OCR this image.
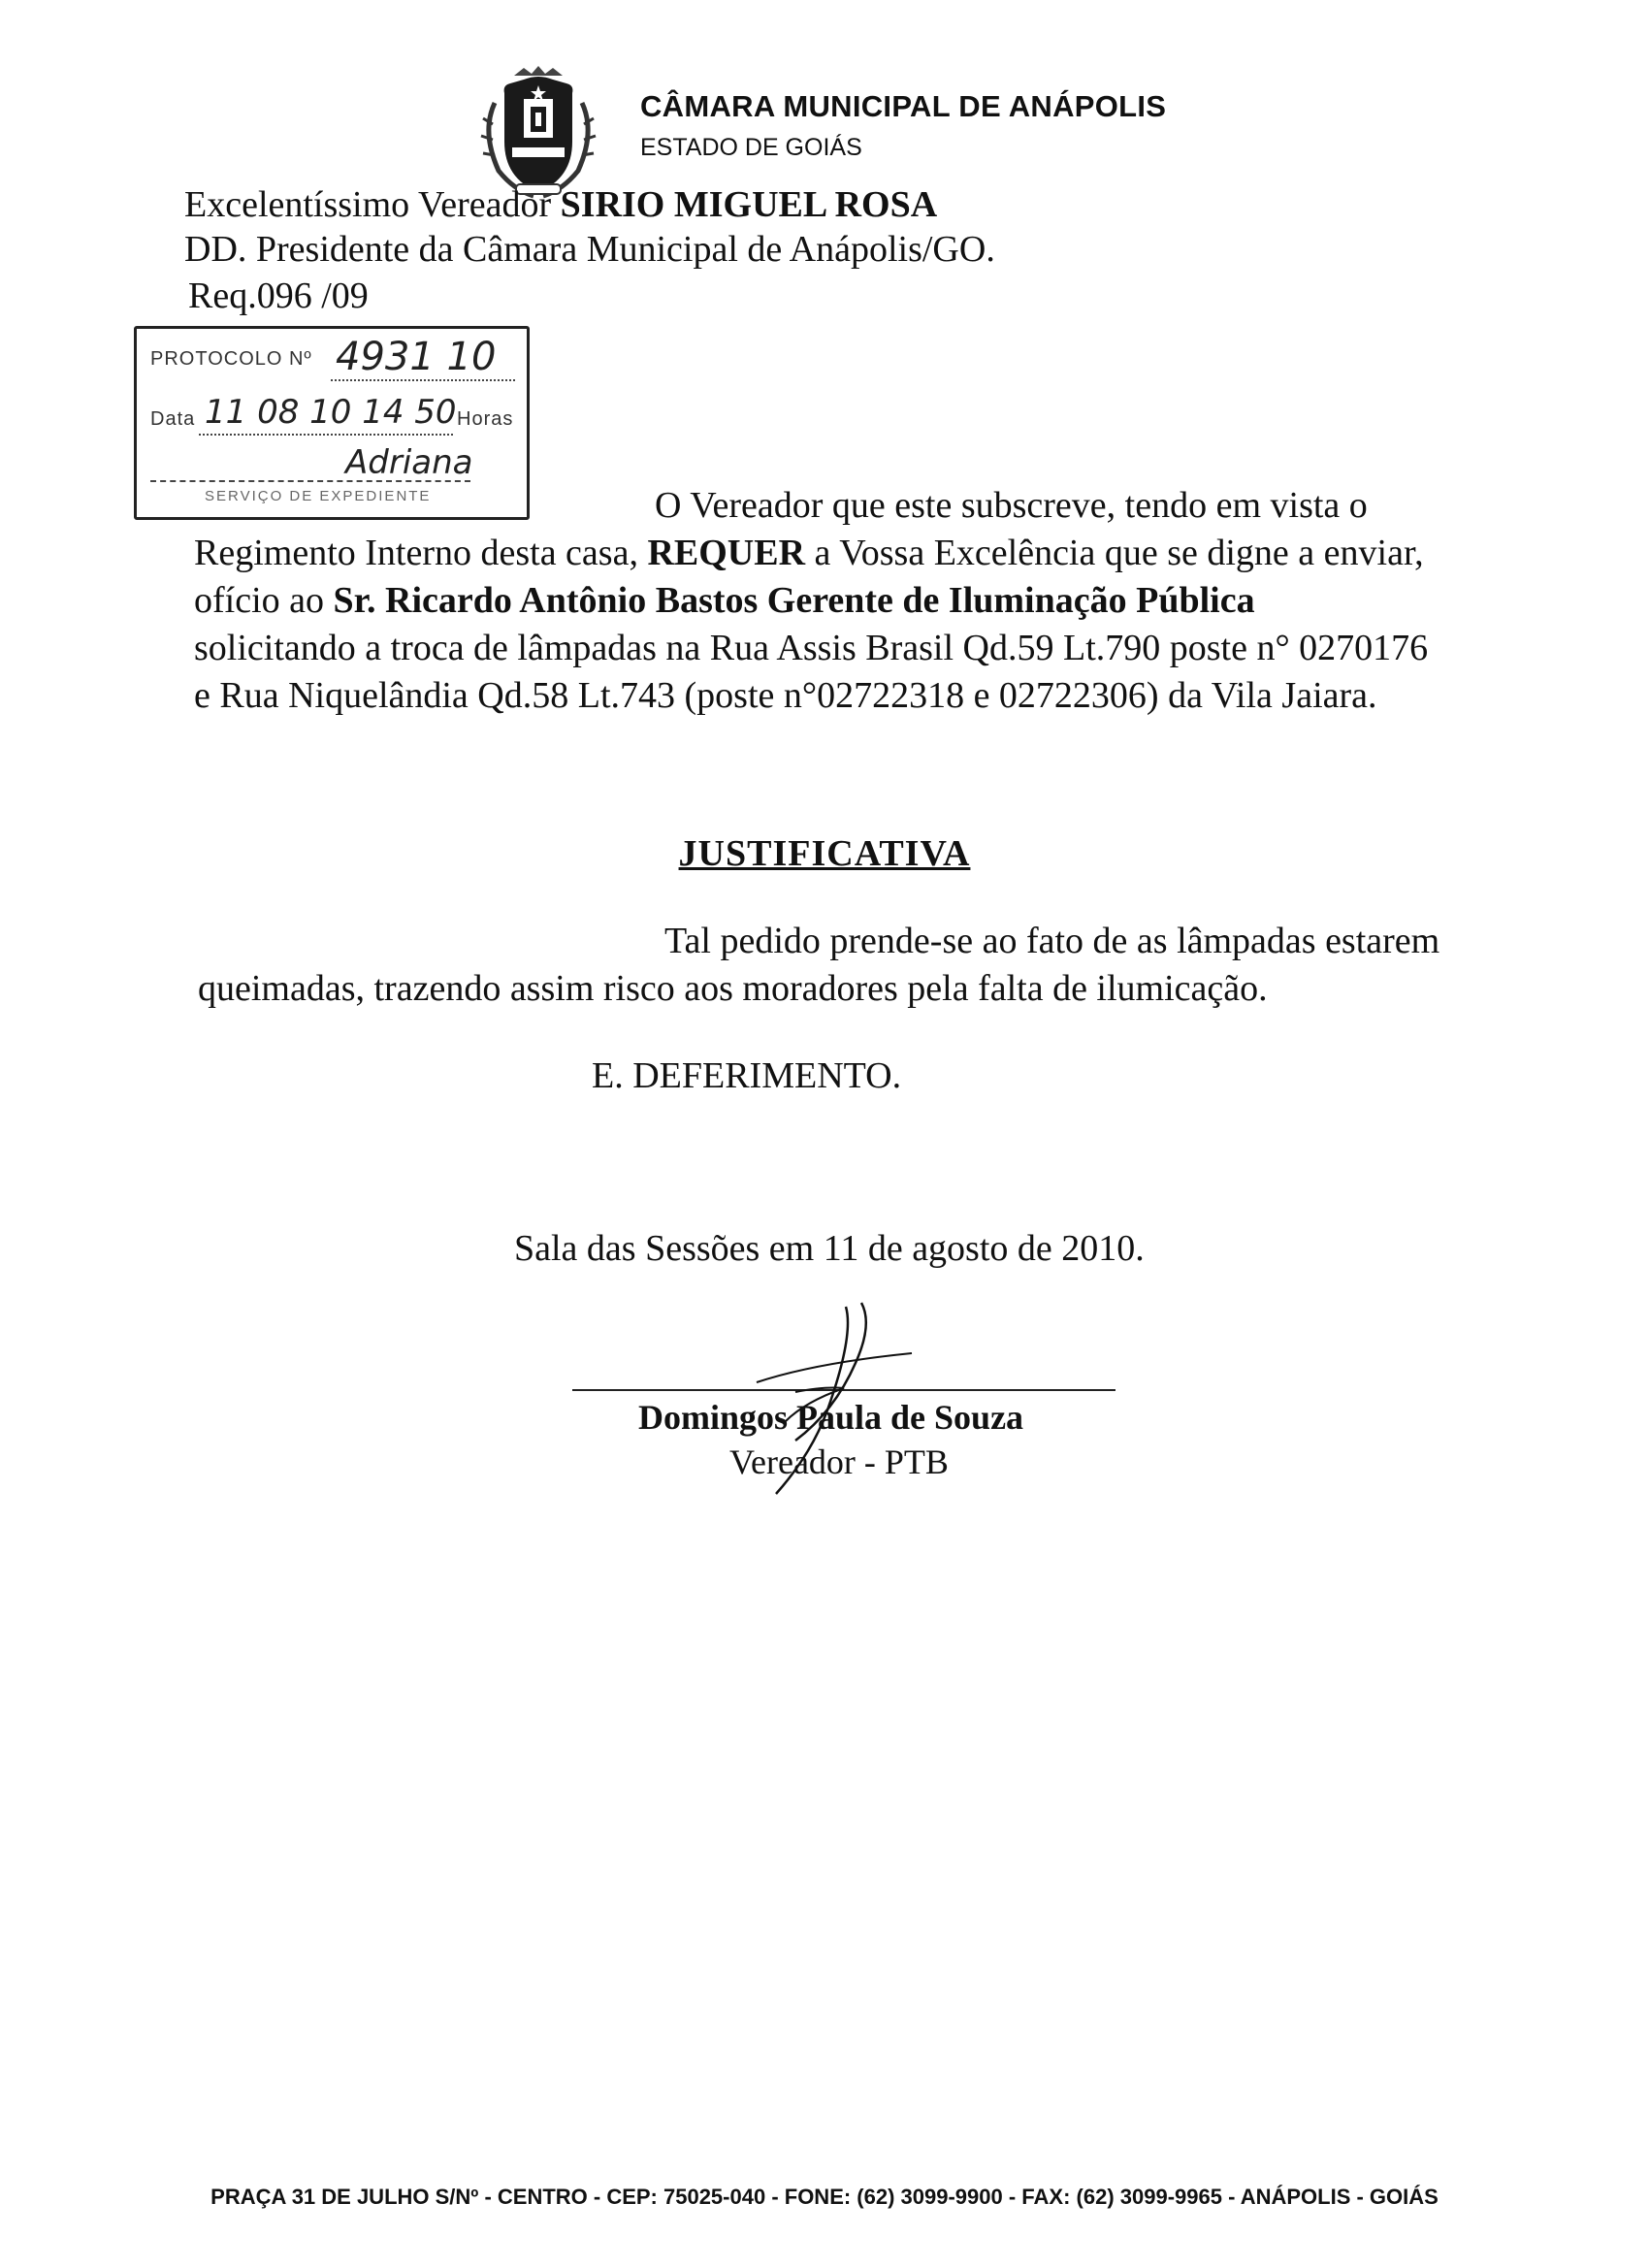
CÂMARA MUNICIPAL DE ANÁPOLIS
ESTADO DE GOIÁS
Excelentíssimo Vereador SIRIO MIGUEL ROSA
DD. Presidente da Câmara Municipal de Anápolis/GO.
Req.096 /09
PROTOCOLO Nº 4931 10
Data 11 08 10 14 50 Horas
Adriana
SERVIÇO DE EXPEDIENTE	O Vereador que este subscreve, tendo em vista o
Regimento Interno desta casa, REQUER a Vossa Excelência que se digne a enviar,
ofício ao Sr. Ricardo Antônio Bastos Gerente de Iluminação Pública
solicitando a troca de lâmpadas na Rua Assis Brasil Qd.59 Lt.790 poste n° 0270176
e Rua Niquelândia Qd.58 Lt.743 (poste n°02722318 e 02722306) da Vila Jaiara.
JUSTIFICATIVA
Tal pedido prende-se ao fato de as lâmpadas estarem
queimadas, trazendo assim risco aos moradores pela falta de ilumicação.
E. DEFERIMENTO.
Sala das Sessões em 11 de agosto de 2010.
Domingos Paula de Souza
Vereador - PTB
PRAÇA 31 DE JULHO S/Nº - CENTRO - CEP: 75025-040 - FONE: (62) 3099-9900 - FAX: (62) 3099-9965 - ANÁPOLIS - GOIÁS
